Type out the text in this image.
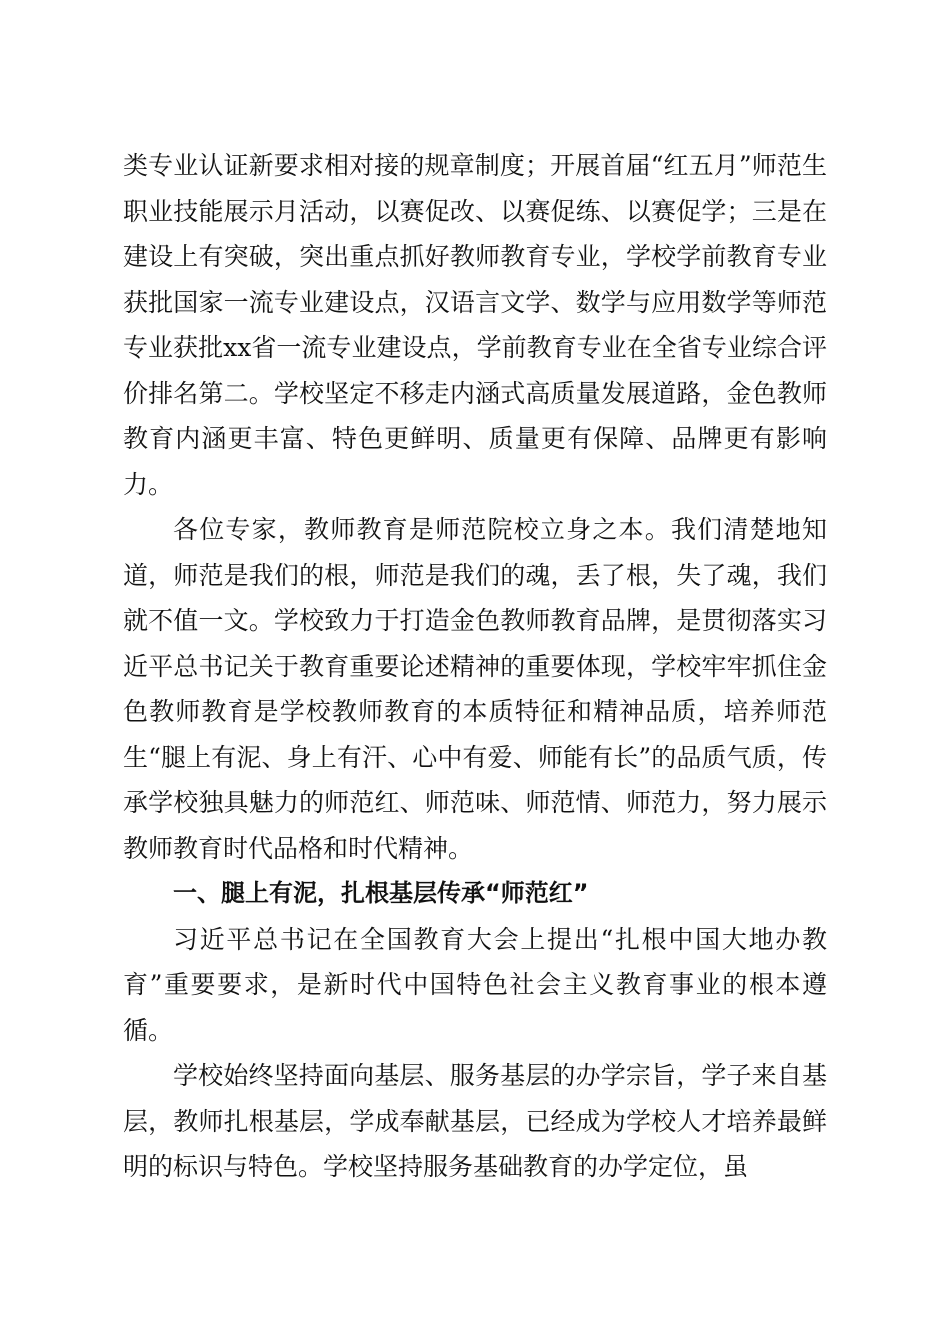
类专业认证新要求相对接的规章制度；开展首届“红五月”师范生职业技能展示月活动，以赛促改、以赛促练、以赛促学；三是在建设上有突破，突出重点抓好教师教育专业，学校学前教育专业获批国家一流专业建设点，汉语言文学、数学与应用数学等师范专业获批xx省一流专业建设点，学前教育专业在全省专业综合评价排名第二。学校坚定不移走内涵式高质量发展道路，金色教师教育内涵更丰富、特色更鲜明、质量更有保障、品牌更有影响力。

各位专家，教师教育是师范院校立身之本。我们清楚地知道，师范是我们的根，师范是我们的魂，丢了根，失了魂，我们就不值一文。学校致力于打造金色教师教育品牌，是贯彻落实习近平总书记关于教育重要论述精神的重要体现，学校牢牢抓住金色教师教育是学校教师教育的本质特征和精神品质，培养师范生“腿上有泥、身上有汗、心中有爱、师能有长”的品质气质，传承学校独具魅力的师范红、师范味、师范情、师范力，努力展示教师教育时代品格和时代精神。

一、腿上有泥，扎根基层传承“师范红”

习近平总书记在全国教育大会上提出“扎根中国大地办教育”重要要求，是新时代中国特色社会主义教育事业的根本遵循。

学校始终坚持面向基层、服务基层的办学宗旨，学子来自基层，教师扎根基层，学成奉献基层，已经成为学校人才培养最鲜明的标识与特色。学校坚持服务基础教育的办学定位，虽
